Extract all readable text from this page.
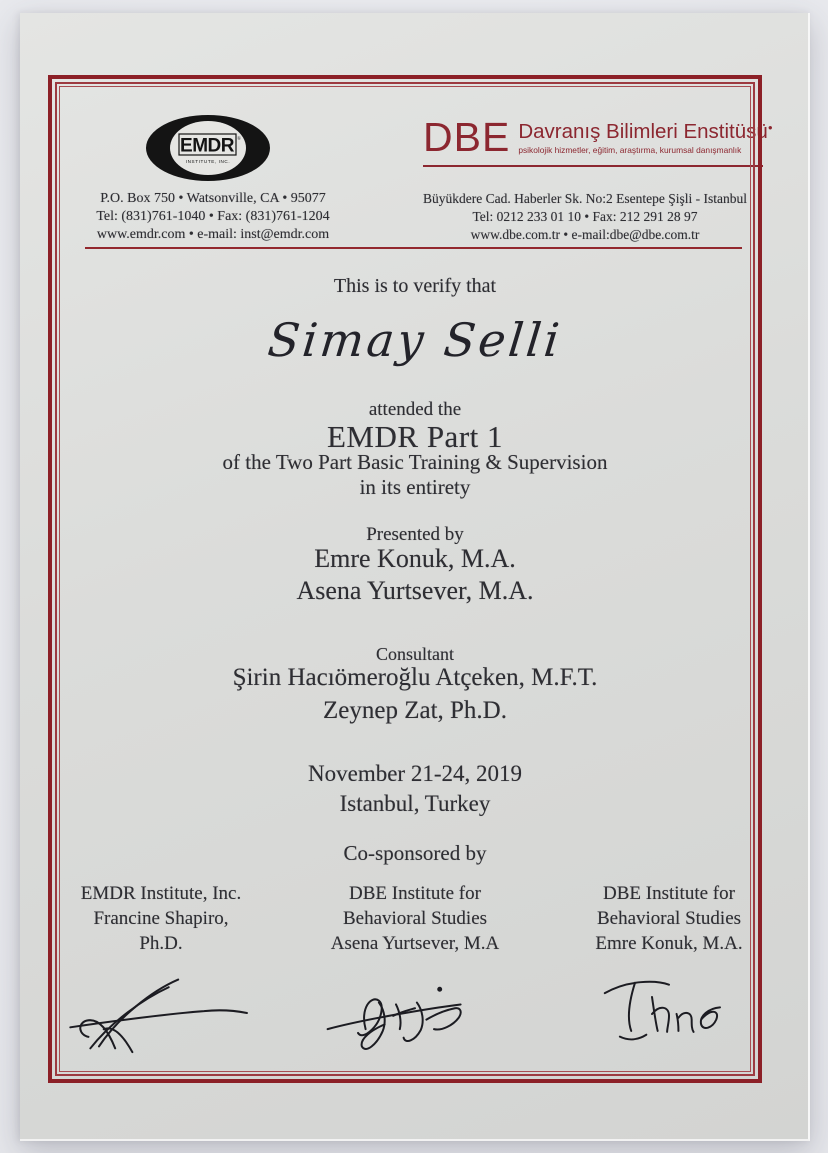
EMDR ®
INSTITUTE, INC.
P.O. Box 750 • Watsonville, CA • 95077
Tel: (831)761-1040 • Fax: (831)761-1204
www.emdr.com • e-mail: inst@emdr.com
DBE Davranış Bilimleri Enstitüsü●
psikolojik hizmetler, eğitim, araştırma, kurumsal danışmanlık
Büyükdere Cad. Haberler Sk. No:2 Esentepe Şişli - Istanbul
Tel: 0212 233 01 10 • Fax: 212 291 28 97
www.dbe.com.tr • e-mail:dbe@dbe.com.tr
This is to verify that
Simay Selli
attended the
EMDR Part 1
of the Two Part Basic Training & Supervision
in its entirety
Presented by
Emre Konuk, M.A.
Asena Yurtsever, M.A.
Consultant
Şirin Hacıömeroğlu Atçeken, M.F.T.
Zeynep Zat, Ph.D.
November 21-24, 2019
Istanbul, Turkey
Co-sponsored by
EMDR Institute, Inc.
Francine Shapiro,
Ph.D.
DBE Institute for
Behavioral Studies
Asena Yurtsever, M.A
DBE Institute for
Behavioral Studies
Emre Konuk, M.A.
